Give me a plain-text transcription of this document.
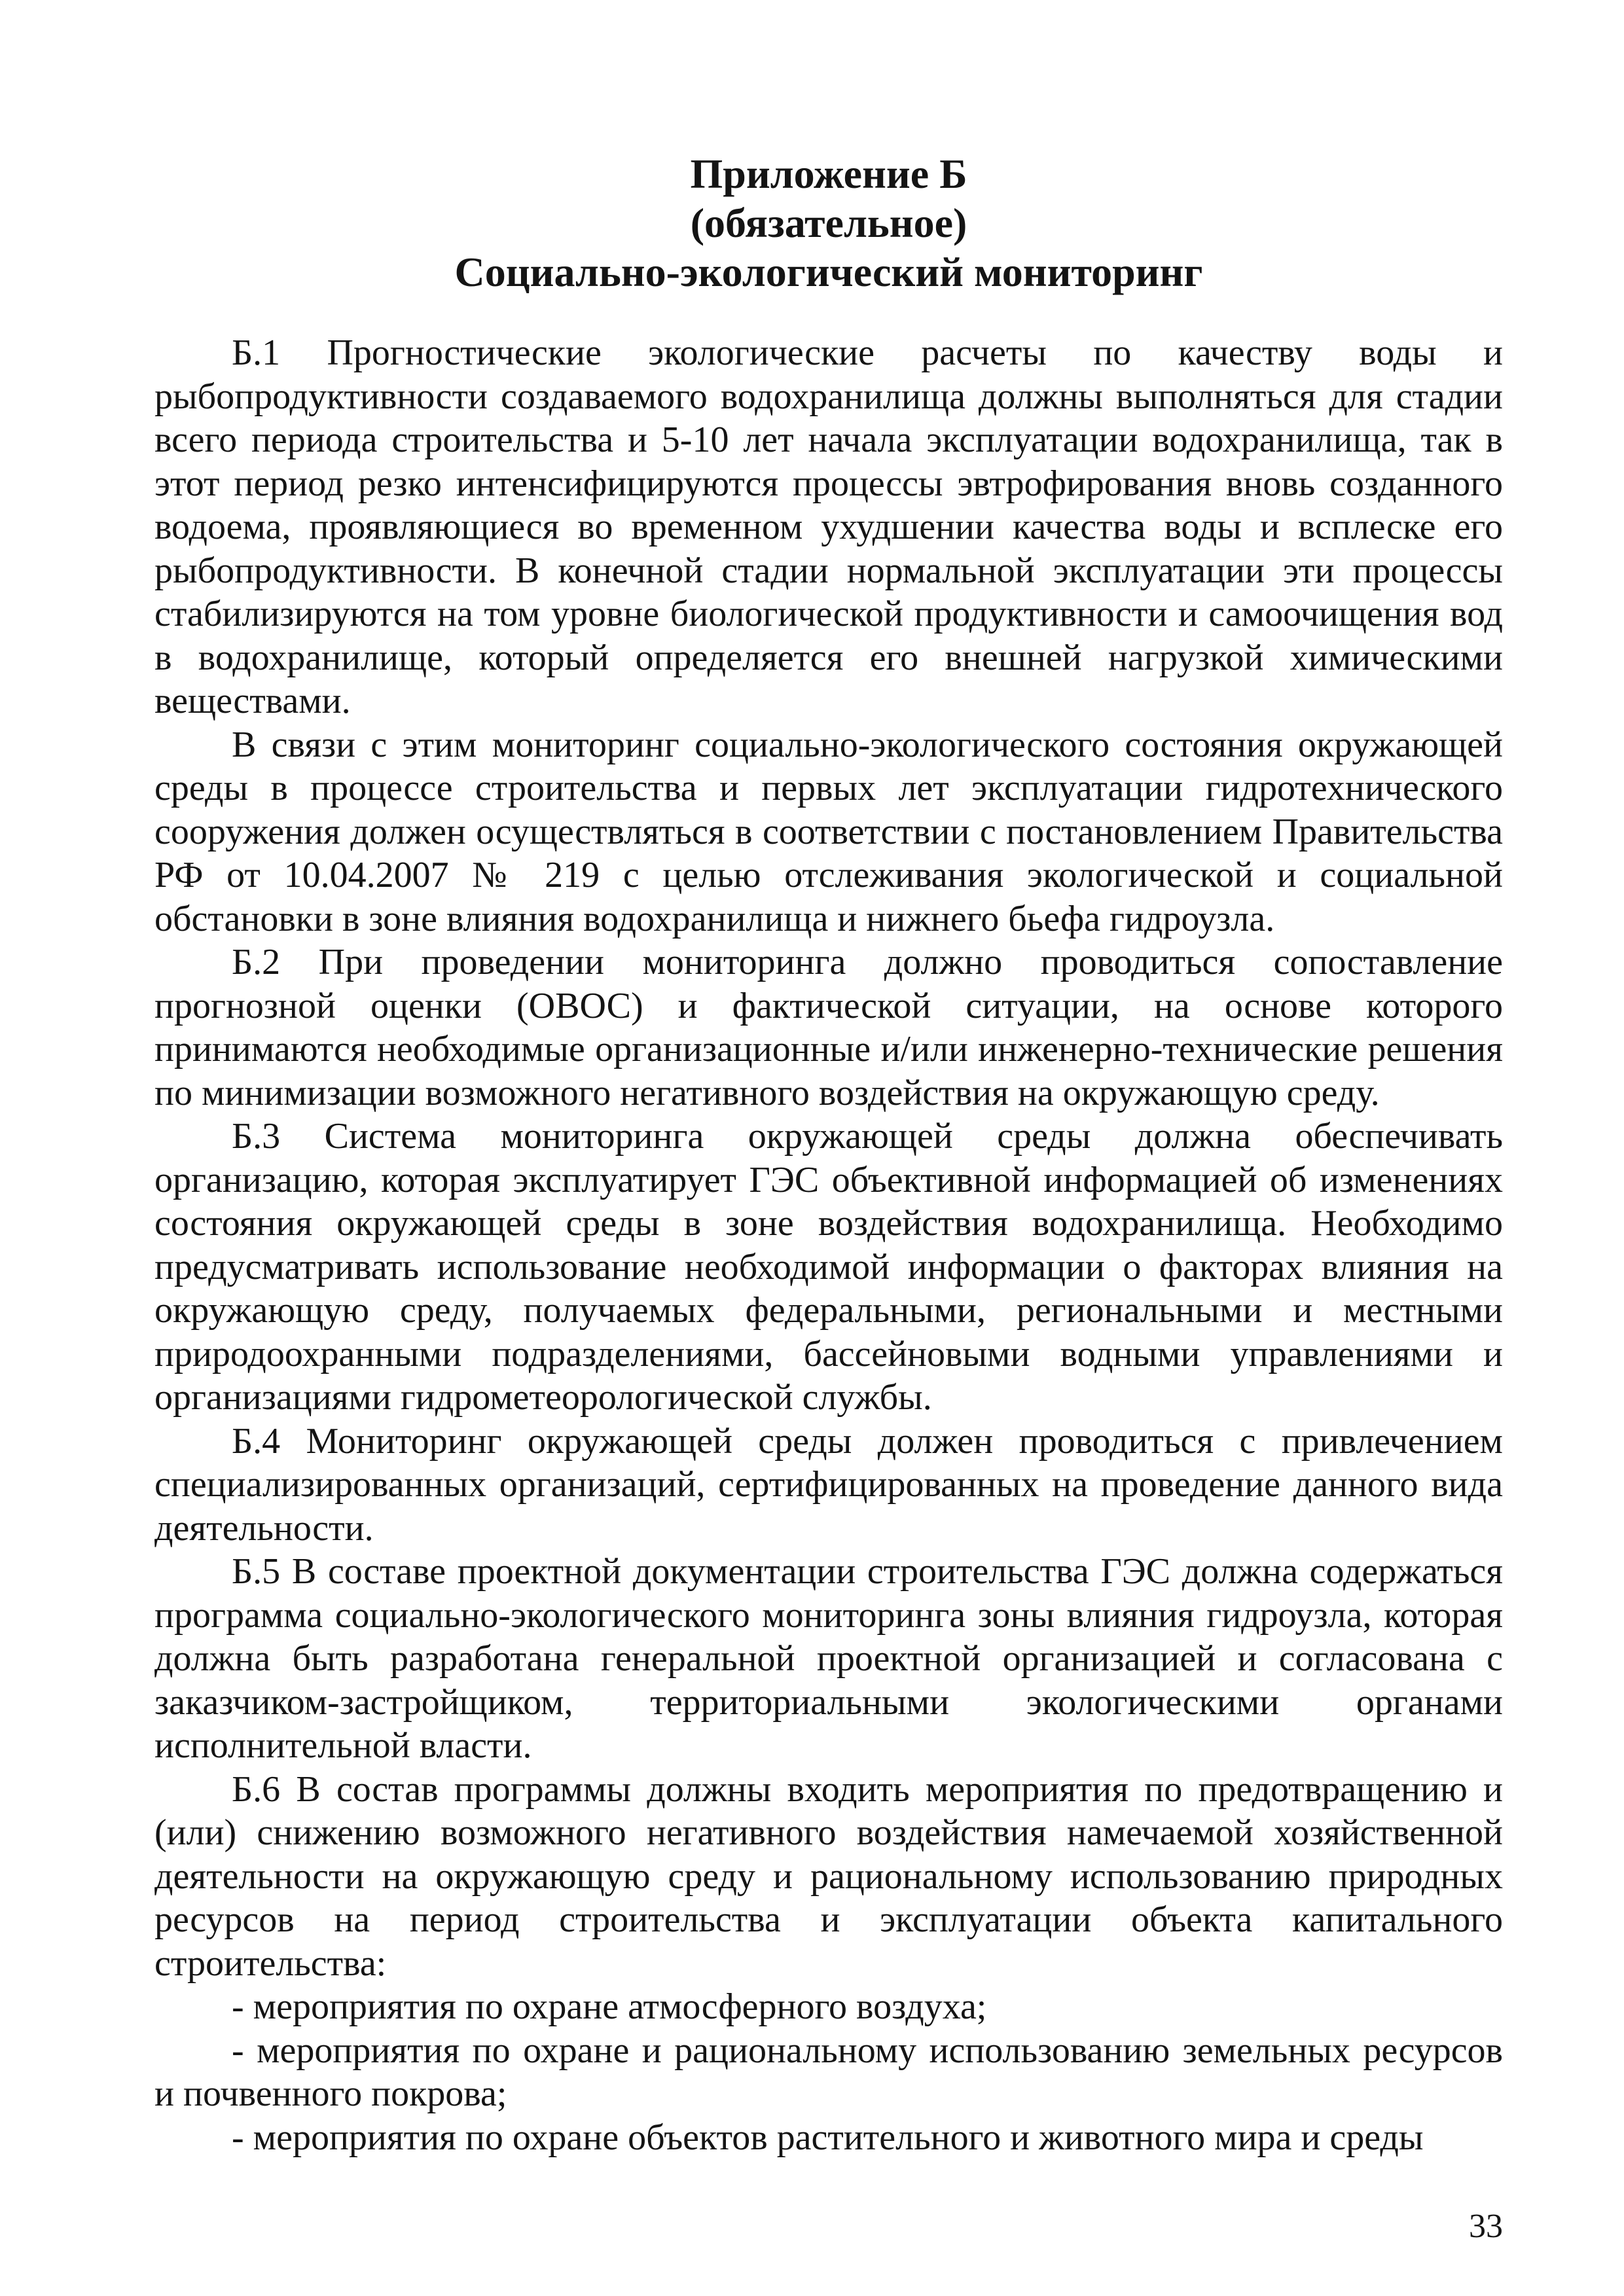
Приложение Б
(обязательное)
Социально-экологический мониторинг

Б.1 Прогностические экологические расчеты по качеству воды и рыбопродуктивности создаваемого водохранилища должны выполняться для стадии всего периода строительства и 5-10 лет начала эксплуатации водохранилища, так в этот период резко интенсифицируются процессы эвтрофирования вновь созданного водоема, проявляющиеся во временном ухудшении качества воды и всплеске его рыбопродуктивности. В конечной стадии нормальной эксплуатации эти процессы стабилизируются на том уровне биологической продуктивности и самоочищения вод в водохранилище, который определяется его внешней нагрузкой химическими веществами.

В связи с этим мониторинг социально-экологического состояния окружающей среды в процессе строительства и первых лет эксплуатации гидротехнического сооружения должен осуществляться в соответствии с постановлением Правительства РФ от 10.04.2007 № 219 с целью отслеживания экологической и социальной обстановки в зоне влияния водохранилища и нижнего бьефа гидроузла.

Б.2 При проведении мониторинга должно проводиться сопоставление прогнозной оценки (ОВОС) и фактической ситуации, на основе которого принимаются необходимые организационные и/или инженерно-технические решения по минимизации возможного негативного воздействия на окружающую среду.

Б.3 Система мониторинга окружающей среды должна обеспечивать организацию, которая эксплуатирует ГЭС объективной информацией об изменениях состояния окружающей среды в зоне воздействия водохранилища. Необходимо предусматривать использование необходимой информации о факторах влияния на окружающую среду, получаемых федеральными, региональными и местными природоохранными подразделениями, бассейновыми водными управлениями и организациями гидрометеорологической службы.

Б.4 Мониторинг окружающей среды должен проводиться с привлечением специализированных организаций, сертифицированных на проведение данного вида деятельности.

Б.5 В составе проектной документации строительства ГЭС должна содержаться программа социально-экологического мониторинга зоны влияния гидроузла, которая должна быть разработана генеральной проектной организацией и согласована с заказчиком-застройщиком, территориальными экологическими органами исполнительной власти.

Б.6 В состав программы должны входить мероприятия по предотвращению и (или) снижению возможного негативного воздействия намечаемой хозяйственной деятельности на окружающую среду и рациональному использованию природных ресурсов на период строительства и эксплуатации объекта капитального строительства:

- мероприятия по охране атмосферного воздуха;
- мероприятия по охране и рациональному использованию земельных ресурсов и почвенного покрова;
- мероприятия по охране объектов растительного и животного мира и среды
33
